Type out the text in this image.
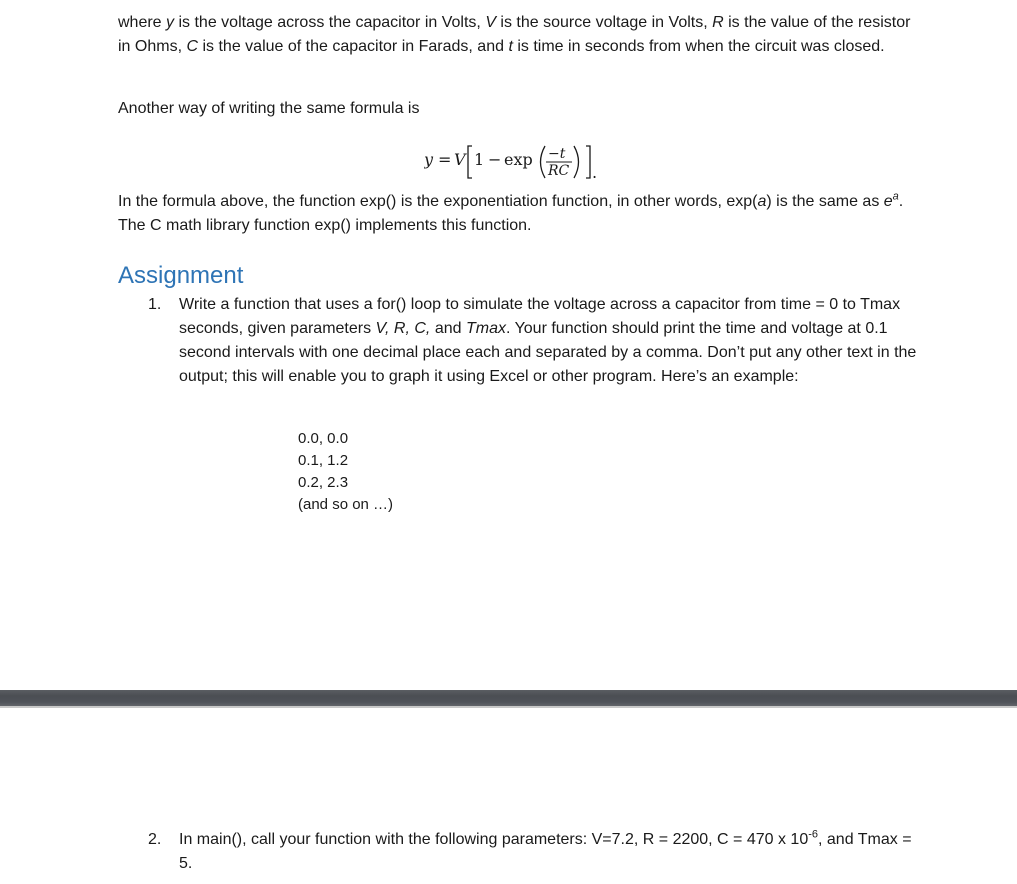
where y is the voltage across the capacitor in Volts, V is the source voltage in Volts, R is the value of the resistor in Ohms, C is the value of the capacitor in Farads, and t is time in seconds from when the circuit was closed.

Another way of writing the same formula is

y = V 1 − exp −t
RC .

In the formula above, the function exp() is the exponentiation function, in other words, exp(a) is the same as $e^a$. The C math library function exp() implements this function.

Assignment
1. Write a function that uses a for() loop to simulate the voltage across a capacitor from time = 0 to Tmax seconds, given parameters V, R, C, and Tmax. Your function should print the time and voltage at 0.1 second intervals with one decimal place each and separated by a comma. Don’t put any other text in the output; this will enable you to graph it using Excel or other program. Here’s an example:

0.0, 0.0
0.1, 1.2
0.2, 2.3
(and so on …)
2. In main(), call your function with the following parameters: V=7.2, R = 2200, C = 470 x $10^{-6}$, and Tmax = 5.
